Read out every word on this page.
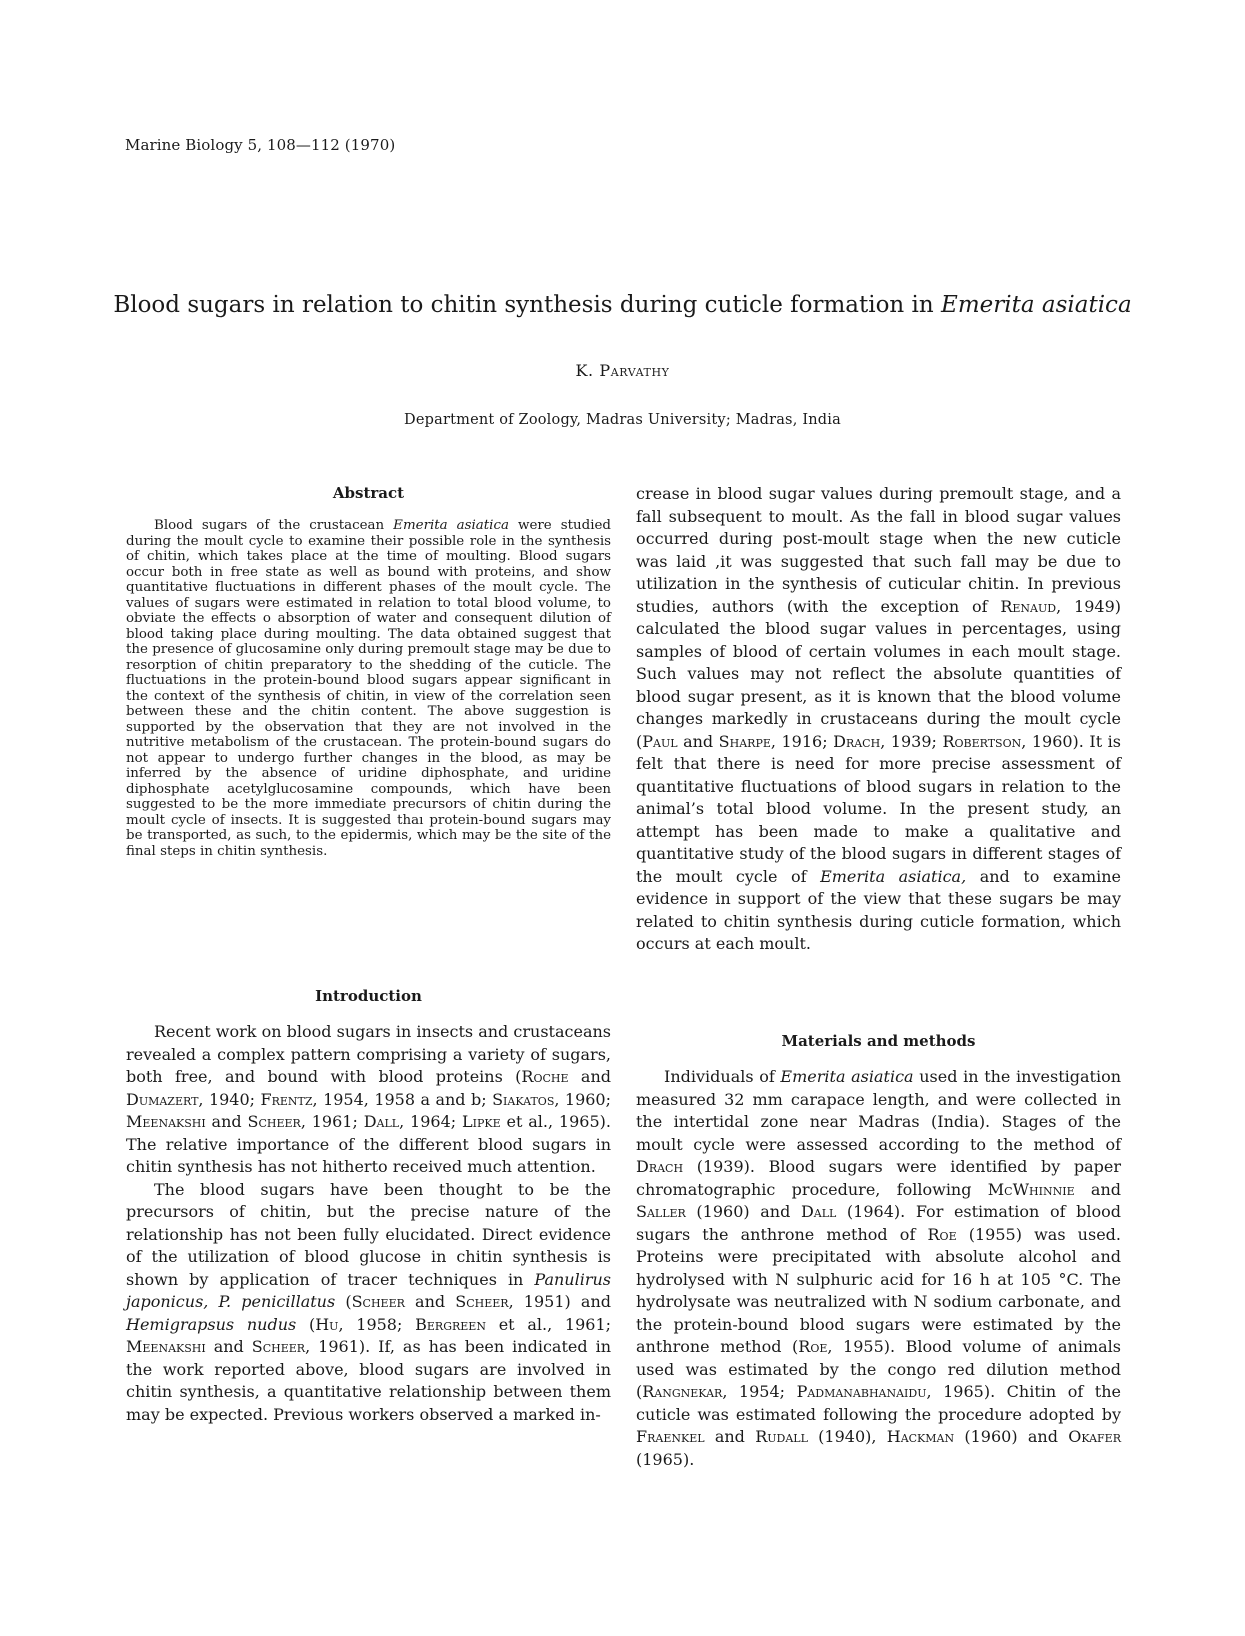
Marine Biology 5, 108—112 (1970)
Blood sugars in relation to chitin synthesis during cuticle formation in Emerita asiatica
K. Parvathy
Department of Zoology, Madras University; Madras, India
Abstract

Blood sugars of the crustacean Emerita asiatica were studied during the moult cycle to examine their possible role in the synthesis of chitin, which takes place at the time of moulting. Blood sugars occur both in free state as well as bound with proteins, and show quantitative fluctuations in different phases of the moult cycle. The values of sugars were estimated in relation to total blood volume, to obviate the effects o absorption of water and consequent dilution of blood taking place during moulting. The data obtained suggest that the presence of glucosamine only during premoult stage may be due to resorption of chitin preparatory to the shedding of the cuticle. The fluctuations in the protein-bound blood sugars appear significant in the context of the synthesis of chitin, in view of the correlation seen between these and the chitin content. The above suggestion is supported by the observation that they are not involved in the nutritive metabolism of the crustacean. The protein-bound sugars do not appear to undergo further changes in the blood, as may be inferred by the absence of uridine diphosphate, and uridine diphosphate acetylglucosamine compounds, which have been suggested to be the more immediate precursors of chitin during the moult cycle of insects. It is suggested thaı protein-bound sugars may be transported, as such, to the epidermis, which may be the site of the final steps in chitin synthesis.

Introduction

Recent work on blood sugars in insects and crustaceans revealed a complex pattern comprising a variety of sugars, both free, and bound with blood proteins (Roche and Dumazert, 1940; Frentz, 1954, 1958 a and b; Siakatos, 1960; Meenakshi and Scheer, 1961; Dall, 1964; Lipke et al., 1965). The relative importance of the different blood sugars in chitin synthesis has not hitherto received much attention.

The blood sugars have been thought to be the precursors of chitin, but the precise nature of the relationship has not been fully elucidated. Direct evidence of the utilization of blood glucose in chitin synthesis is shown by application of tracer techniques in Panulirus japonicus, P. penicillatus (Scheer and Scheer, 1951) and Hemigrapsus nudus (Hu, 1958; Bergreen et al., 1961; Meenakshi and Scheer, 1961). If, as has been indicated in the work reported above, blood sugars are involved in chitin synthesis, a quantitative relationship between them may be expected. Previous workers observed a marked in-

crease in blood sugar values during premoult stage, and a fall subsequent to moult. As the fall in blood sugar values occurred during post-moult stage when the new cuticle was laid ,it was suggested that such fall may be due to utilization in the synthesis of cuticular chitin. In previous studies, authors (with the exception of Renaud, 1949) calculated the blood sugar values in percentages, using samples of blood of certain volumes in each moult stage. Such values may not reflect the absolute quantities of blood sugar present, as it is known that the blood volume changes markedly in crustaceans during the moult cycle (Paul and Sharpe, 1916; Drach, 1939; Robertson, 1960). It is felt that there is need for more precise assessment of quantitative fluctuations of blood sugars in relation to the animal’s total blood volume. In the present study, an attempt has been made to make a qualitative and quantitative study of the blood sugars in different stages of the moult cycle of Emerita asiatica, and to examine evidence in support of the view that these sugars be may related to chitin synthesis during cuticle formation, which occurs at each moult.

Materials and methods

Individuals of Emerita asiatica used in the investigation measured 32 mm carapace length, and were collected in the intertidal zone near Madras (India). Stages of the moult cycle were assessed according to the method of Drach (1939). Blood sugars were identified by paper chromatographic procedure, following McWhinnie and Saller (1960) and Dall (1964). For estimation of blood sugars the anthrone method of Roe (1955) was used. Proteins were precipitated with absolute alcohol and hydrolysed with N sulphuric acid for 16 h at 105 °C. The hydrolysate was neutralized with N sodium carbonate, and the protein-bound blood sugars were estimated by the anthrone method (Roe, 1955). Blood volume of animals used was estimated by the congo red dilution method (Rangnekar, 1954; Padmanabhanaidu, 1965). Chitin of the cuticle was estimated following the procedure adopted by Fraenkel and Rudall (1940), Hackman (1960) and Okafer (1965).
